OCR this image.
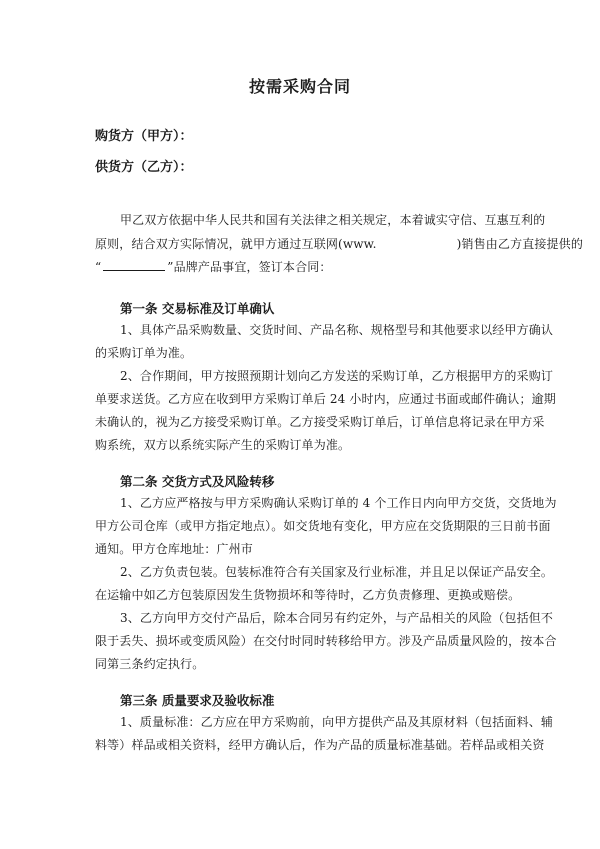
按需采购合同
购货方（甲方）：
供货方（乙方）：
甲乙双方依据中华人民共和国有关法律之相关规定，本着诚实守信、互惠互利的
原则，结合双方实际情况，就甲方通过互联网(www.	)销售由乙方直接提供的
“	”品牌产品事宜，签订本合同：
第一条 交易标准及订单确认
1、具体产品采购数量、交货时间、产品名称、规格型号和其他要求以经甲方确认
的采购订单为准。
2、合作期间，甲方按照预期计划向乙方发送的采购订单，乙方根据甲方的采购订
单要求送货。乙方应在收到甲方采购订单后 24 小时内，应通过书面或邮件确认；逾期
未确认的，视为乙方接受采购订单。乙方接受采购订单后，订单信息将记录在甲方采
购系统，双方以系统实际产生的采购订单为准。
第二条 交货方式及风险转移
1、乙方应严格按与甲方采购确认采购订单的 4 个工作日内向甲方交货，交货地为
甲方公司仓库（或甲方指定地点）。如交货地有变化，甲方应在交货期限的三日前书面
通知。甲方仓库地址：广州市
2、乙方负责包装。包装标准符合有关国家及行业标准，并且足以保证产品安全。
在运输中如乙方包装原因发生货物损坏和等待时，乙方负责修理、更换或赔偿。
3、乙方向甲方交付产品后，除本合同另有约定外，与产品相关的风险（包括但不
限于丢失、损坏或变质风险）在交付时同时转移给甲方。涉及产品质量风险的，按本合
同第三条约定执行。
第三条 质量要求及验收标准
1、质量标准：乙方应在甲方采购前，向甲方提供产品及其原材料（包括面料、辅
料等）样品或相关资料，经甲方确认后，作为产品的质量标准基础。若样品或相关资
